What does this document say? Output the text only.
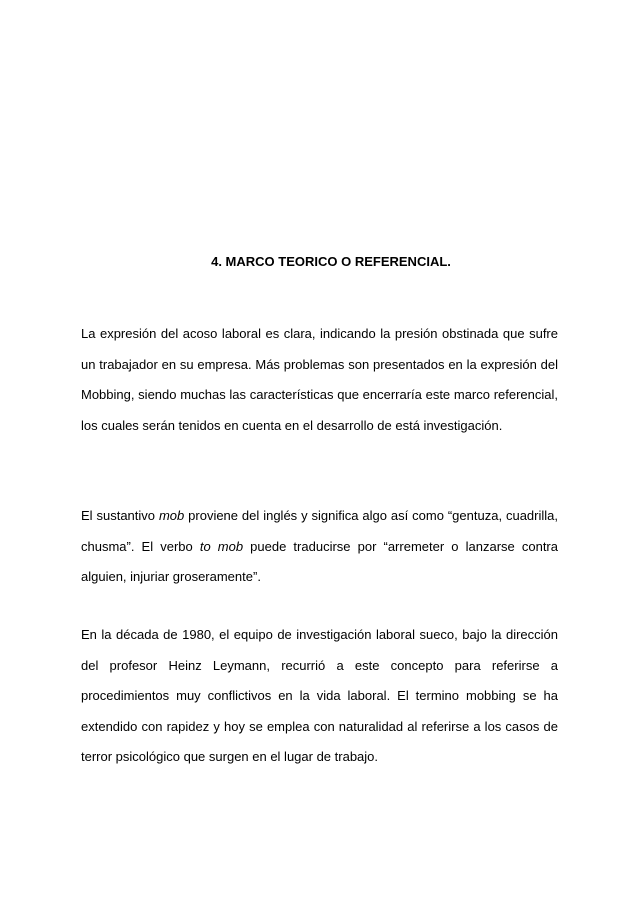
4. MARCO TEORICO O REFERENCIAL.

La expresión del acoso laboral es clara, indicando la presión obstinada que sufre un trabajador en su empresa. Más problemas son presentados en la expresión del Mobbing, siendo muchas las características que encerraría este marco referencial, los cuales serán tenidos en cuenta en el desarrollo de está investigación.

El sustantivo mob proviene del inglés y significa algo así como “gentuza, cuadrilla, chusma”. El verbo to mob puede traducirse por “arremeter o lanzarse contra alguien, injuriar groseramente”.

En la década de 1980, el equipo de investigación laboral sueco, bajo la dirección del profesor Heinz Leymann, recurrió a este concepto para referirse a procedimientos muy conflictivos en la vida laboral. El termino mobbing se ha extendido con rapidez y hoy se emplea con naturalidad al referirse a los casos de terror psicológico que surgen en el lugar de trabajo.
